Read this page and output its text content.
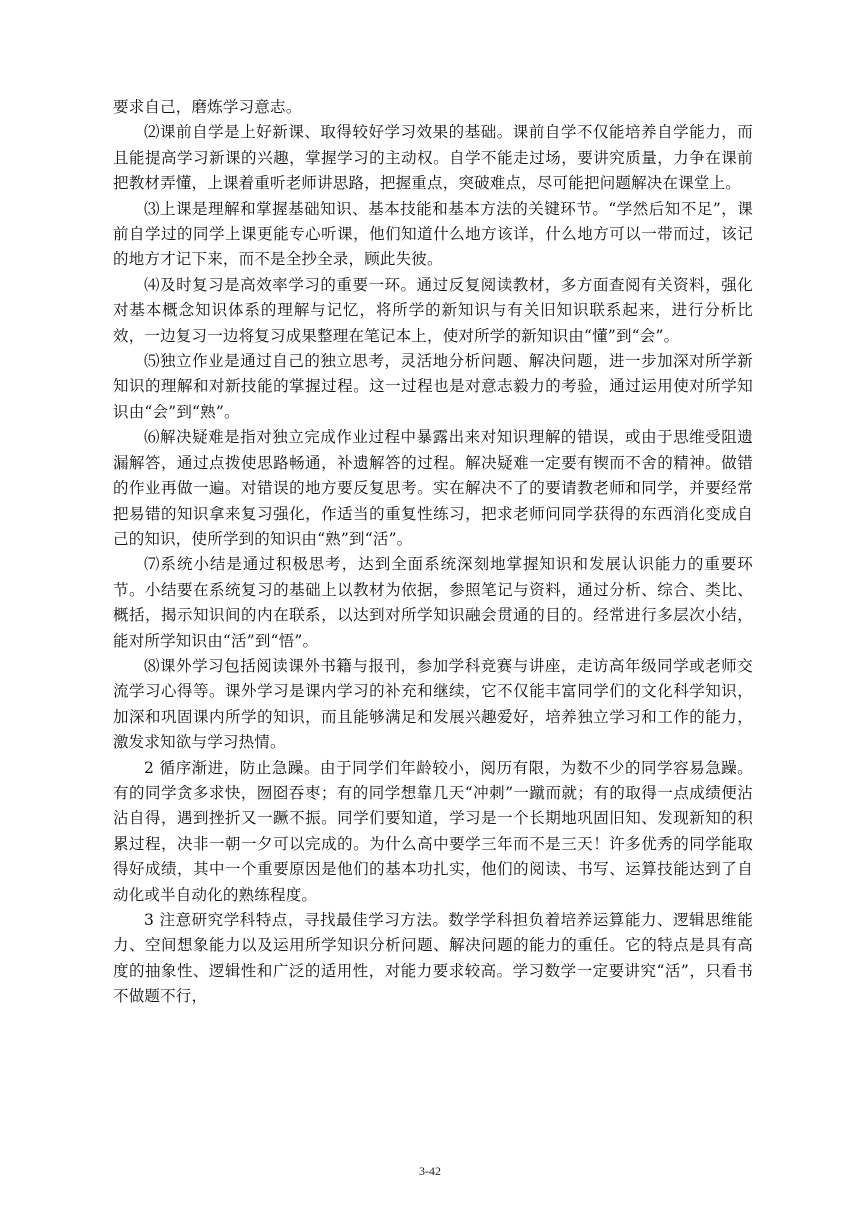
要求自己，磨炼学习意志。

⑵课前自学是上好新课、取得较好学习效果的基础。课前自学不仅能培养自学能力，而且能提高学习新课的兴趣，掌握学习的主动权。自学不能走过场，要讲究质量，力争在课前把教材弄懂，上课着重听老师讲思路，把握重点，突破难点，尽可能把问题解决在课堂上。

⑶上课是理解和掌握基础知识、基本技能和基本方法的关键环节。“学然后知不足”，课前自学过的同学上课更能专心听课，他们知道什么地方该详，什么地方可以一带而过，该记的地方才记下来，而不是全抄全录，顾此失彼。

⑷及时复习是高效率学习的重要一环。通过反复阅读教材，多方面查阅有关资料，强化对基本概念知识体系的理解与记忆，将所学的新知识与有关旧知识联系起来，进行分析比效，一边复习一边将复习成果整理在笔记本上，使对所学的新知识由“懂”到“会”。

⑸独立作业是通过自己的独立思考，灵活地分析问题、解决问题，进一步加深对所学新知识的理解和对新技能的掌握过程。这一过程也是对意志毅力的考验，通过运用使对所学知识由“会”到“熟”。

⑹解决疑难是指对独立完成作业过程中暴露出来对知识理解的错误，或由于思维受阻遗漏解答，通过点拨使思路畅通，补遗解答的过程。解决疑难一定要有锲而不舍的精神。做错的作业再做一遍。对错误的地方要反复思考。实在解决不了的要请教老师和同学，并要经常把易错的知识拿来复习强化，作适当的重复性练习，把求老师问同学获得的东西消化变成自己的知识，使所学到的知识由“熟”到“活”。

⑺系统小结是通过积极思考，达到全面系统深刻地掌握知识和发展认识能力的重要环节。小结要在系统复习的基础上以教材为依据，参照笔记与资料，通过分析、综合、类比、概括，揭示知识间的内在联系，以达到对所学知识融会贯通的目的。经常进行多层次小结，能对所学知识由“活”到“悟”。

⑻课外学习包括阅读课外书籍与报刊，参加学科竞赛与讲座，走访高年级同学或老师交流学习心得等。课外学习是课内学习的补充和继续，它不仅能丰富同学们的文化科学知识，加深和巩固课内所学的知识，而且能够满足和发展兴趣爱好，培养独立学习和工作的能力，激发求知欲与学习热情。

2 循序渐进，防止急躁。由于同学们年龄较小，阅历有限，为数不少的同学容易急躁。有的同学贪多求快，囫囵吞枣；有的同学想靠几天“冲刺”一蹴而就；有的取得一点成绩便沾沾自得，遇到挫折又一蹶不振。同学们要知道，学习是一个长期地巩固旧知、发现新知的积累过程，决非一朝一夕可以完成的。为什么高中要学三年而不是三天！许多优秀的同学能取得好成绩，其中一个重要原因是他们的基本功扎实，他们的阅读、书写、运算技能达到了自动化或半自动化的熟练程度。

3 注意研究学科特点，寻找最佳学习方法。数学学科担负着培养运算能力、逻辑思维能力、空间想象能力以及运用所学知识分析问题、解决问题的能力的重任。它的特点是具有高度的抽象性、逻辑性和广泛的适用性，对能力要求较高。学习数学一定要讲究“活”，只看书不做题不行，

3-42
